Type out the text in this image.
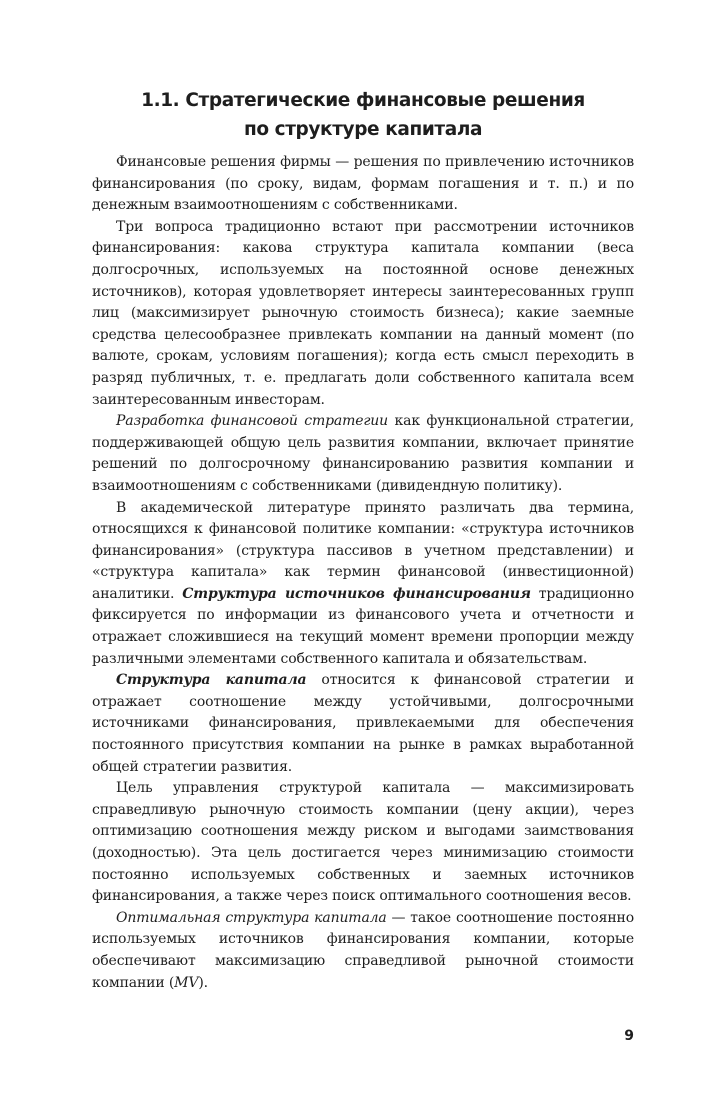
1.1. Стратегические финансовые решения
по структуре капитала

Финансовые решения фирмы — решения по привлечению источников финансирования (по сроку, видам, формам погашения и т. п.) и по денежным взаимоотношениям с собственниками.

Три вопроса традиционно встают при рассмотрении источников финансирования: какова структура капитала компании (веса долгосрочных, используемых на постоянной основе денежных источников), которая удовлетворяет интересы заинтересованных групп лиц (максимизирует рыночную стоимость бизнеса); какие заемные средства целесообразнее привлекать компании на данный момент (по валюте, срокам, условиям погашения); когда есть смысл переходить в разряд публичных, т. е. предлагать доли собственного капитала всем заинтересованным инвесторам.

Разработка финансовой стратегии как функциональной стратегии, поддерживающей общую цель развития компании, включает принятие решений по долгосрочному финансированию развития компании и взаимоотношениям с собственниками (дивидендную политику).

В академической литературе принято различать два термина, относящихся к финансовой политике компании: «структура источников финансирования» (структура пассивов в учетном представлении) и «структура капитала» как термин финансовой (инвестиционной) аналитики. Структура источников финансирования традиционно фиксируется по информации из финансового учета и отчетности и отражает сложившиеся на текущий момент времени пропорции между различными элементами собственного капитала и обязательствам.

Структура капитала относится к финансовой стратегии и отражает соотношение между устойчивыми, долгосрочными источниками финансирования, привлекаемыми для обеспечения постоянного присутствия компании на рынке в рамках выработанной общей стратегии развития.

Цель управления структурой капитала — максимизировать справедливую рыночную стоимость компании (цену акции), через оптимизацию соотношения между риском и выгодами заимствования (доходностью). Эта цель достигается через минимизацию стоимости постоянно используемых собственных и заемных источников финансирования, а также через поиск оптимального соотношения весов.

Оптимальная структура капитала — такое соотношение постоянно используемых источников финансирования компании, которые обеспечивают максимизацию справедливой рыночной стоимости компании (MV).

9
